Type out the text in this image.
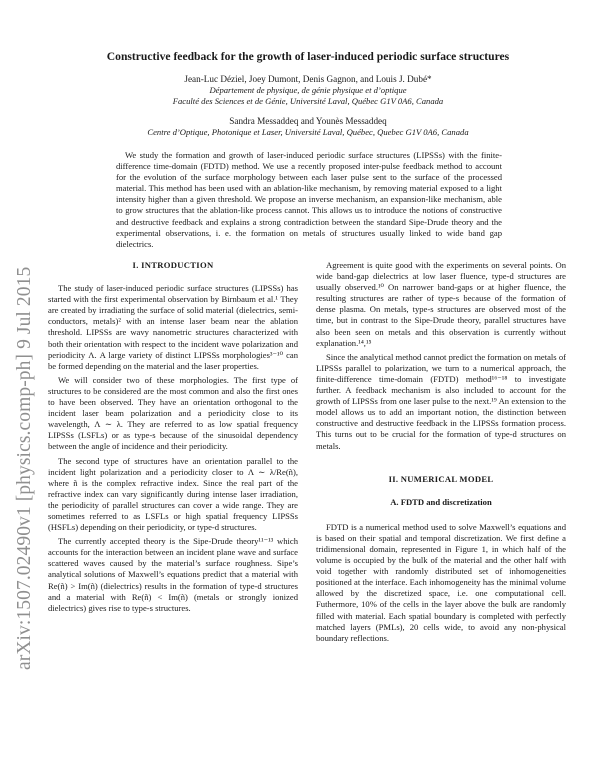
arXiv:1507.02490v1 [physics.comp-ph] 9 Jul 2015
Constructive feedback for the growth of laser-induced periodic surface structures
Jean-Luc Déziel, Joey Dumont, Denis Gagnon, and Louis J. Dubé*
Département de physique, de génie physique et d’optique
Faculté des Sciences et de Génie, Université Laval, Québec G1V 0A6, Canada
Sandra Messaddeq and Younès Messaddeq
Centre d’Optique, Photonique et Laser, Université Laval, Québec, Quebec G1V 0A6, Canada
We study the formation and growth of laser-induced periodic surface structures (LIPSSs) with the finite-difference time-domain (FDTD) method. We use a recently proposed inter-pulse feedback method to account for the evolution of the surface morphology between each laser pulse sent to the surface of the processed material. This method has been used with an ablation-like mechanism, by removing material exposed to a light intensity higher than a given threshold. We propose an inverse mechanism, an expansion-like mechanism, able to grow structures that the ablation-like process cannot. This allows us to introduce the notions of constructive and destructive feedback and explains a strong contradiction between the standard Sipe-Drude theory and the experimental observations, i. e. the formation on metals of structures usually linked to wide band gap dielectrics.

I. INTRODUCTION

The study of laser-induced periodic surface structures (LIPSSs) has started with the first experimental observation by Birnbaum et al.¹ They are created by irradiating the surface of solid material (dielectrics, semi-conductors, metals)² with an intense laser beam near the ablation threshold. LIPSSs are wavy nanometric structures characterized with both their orientation with respect to the incident wave polarization and periodicity Λ. A large variety of distinct LIPSSs morphologies³⁻¹⁰ can be formed depending on the material and the laser properties.

We will consider two of these morphologies. The first type of structures to be considered are the most common and also the first ones to have been observed. They have an orientation orthogonal to the incident laser beam polarization and a periodicity close to its wavelength, Λ ∼ λ. They are referred to as low spatial frequency LIPSSs (LSFLs) or as type-s because of the sinusoidal dependency between the angle of incidence and their periodicity.

The second type of structures have an orientation parallel to the incident light polarization and a periodicity closer to Λ ∼ λ/Re(ñ), where ñ is the complex refractive index. Since the real part of the refractive index can vary significantly during intense laser irradiation, the periodicity of parallel structures can cover a wide range. They are sometimes referred to as LSFLs or high spatial frequency LIPSSs (HSFLs) depending on their periodicity, or type-d structures.

The currently accepted theory is the Sipe-Drude theory¹¹⁻¹³ which accounts for the interaction between an incident plane wave and surface scattered waves caused by the material’s surface roughness. Sipe’s analytical solutions of Maxwell’s equations predict that a material with Re(ñ) > Im(ñ) (dielectrics) results in the formation of type-d structures and a material with Re(ñ) < Im(ñ) (metals or strongly ionized dielectrics) gives rise to type-s structures.

Agreement is quite good with the experiments on several points. On wide band-gap dielectrics at low laser fluence, type-d structures are usually observed.¹⁰ On narrower band-gaps or at higher fluence, the resulting structures are rather of type-s because of the formation of dense plasma. On metals, type-s structures are observed most of the time, but in contrast to the Sipe-Drude theory, parallel structures have also been seen on metals and this observation is currently without explanation.¹⁴,¹⁵

Since the analytical method cannot predict the formation on metals of LIPSSs parallel to polarization, we turn to a numerical approach, the finite-difference time-domain (FDTD) method¹⁶⁻¹⁸ to investigate further. A feedback mechanism is also included to account for the growth of LIPSSs from one laser pulse to the next.¹⁹ An extension to the model allows us to add an important notion, the distinction between constructive and destructive feedback in the LIPSSs formation process. This turns out to be crucial for the formation of type-d structures on metals.

II. NUMERICAL MODEL

A. FDTD and discretization

FDTD is a numerical method used to solve Maxwell’s equations and is based on their spatial and temporal discretization. We first define a tridimensional domain, represented in Figure 1, in which half of the volume is occupied by the bulk of the material and the other half with void together with randomly distributed set of inhomogeneities positioned at the interface. Each inhomogeneity has the minimal volume allowed by the discretized space, i.e. one computational cell. Futhermore, 10% of the cells in the layer above the bulk are randomly filled with material. Each spatial boundary is completed with perfectly matched layers (PMLs), 20 cells wide, to avoid any non-physical boundary reflections.
